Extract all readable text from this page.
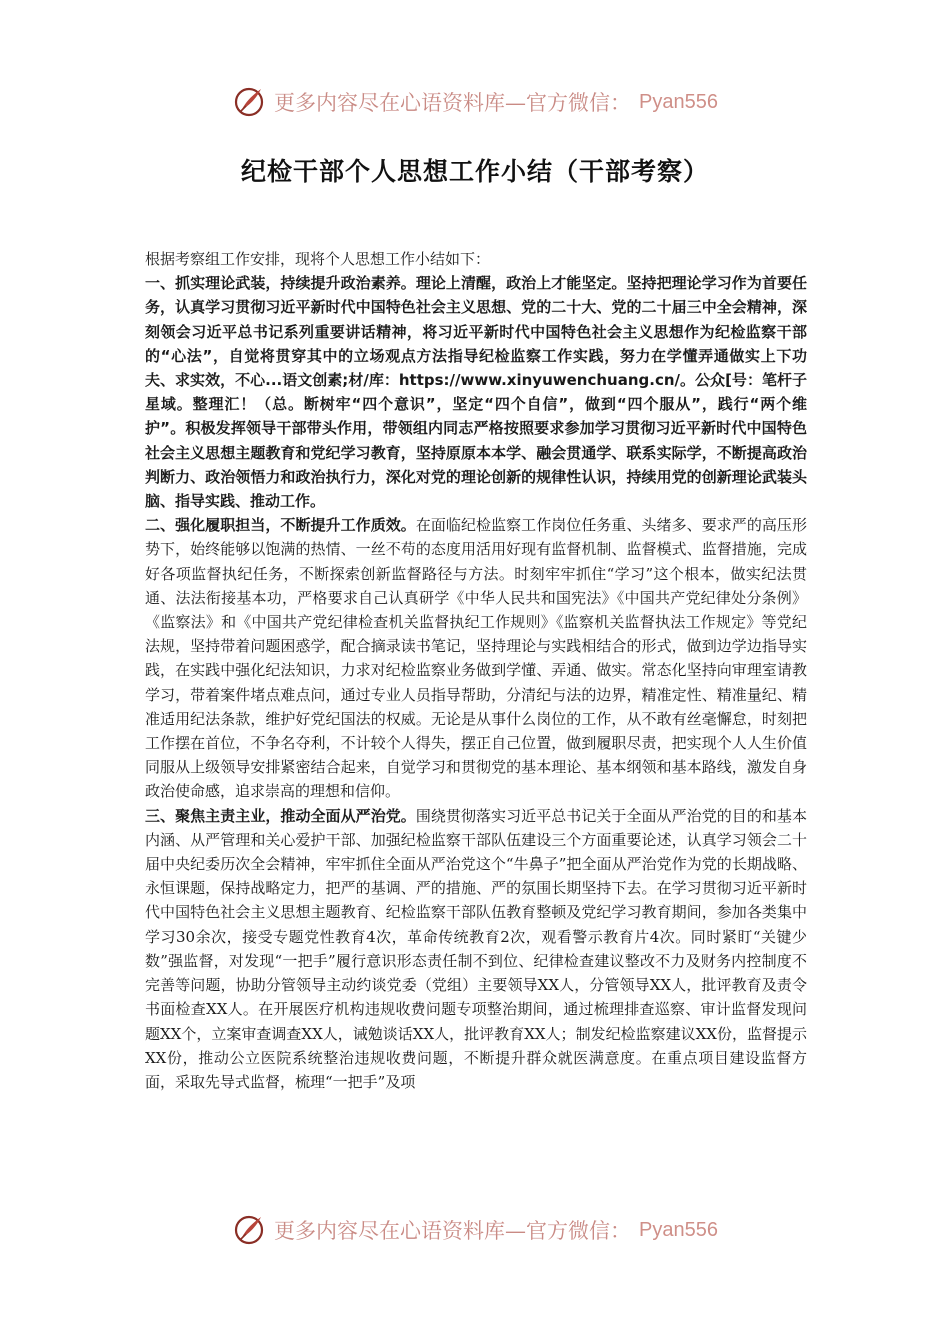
更多内容尽在心语资料库—官方微信： Pyan556
纪检干部个人思想工作小结（干部考察）

根据考察组工作安排，现将个人思想工作小结如下：

一、抓实理论武装，持续提升政治素养。理论上清醒，政治上才能坚定。坚持把理论学习作为首要任务，认真学习贯彻习近平新时代中国特色社会主义思想、党的二十大、党的二十届三中全会精神，深刻领会习近平总书记系列重要讲话精神，将习近平新时代中国特色社会主义思想作为纪检监察干部的“心法”，自觉将贯穿其中的立场观点方法指导纪检监察工作实践，努力在学懂弄通做实上下功夫、求实效，不心...语文创素;材/库：https://www.xinyuwenchuang.cn/。公众[号：笔杆子星域。整理汇！（总。断树牢“四个意识”，坚定“四个自信”，做到“四个服从”，践行“两个维护”。积极发挥领导干部带头作用，带领组内同志严格按照要求参加学习贯彻习近平新时代中国特色社会主义思想主题教育和党纪学习教育，坚持原原本本学、融会贯通学、联系实际学，不断提高政治判断力、政治领悟力和政治执行力，深化对党的理论创新的规律性认识，持续用党的创新理论武装头脑、指导实践、推动工作。

二、强化履职担当，不断提升工作质效。在面临纪检监察工作岗位任务重、头绪多、要求严的高压形势下，始终能够以饱满的热情、一丝不苟的态度用活用好现有监督机制、监督模式、监督措施，完成好各项监督执纪任务，不断探索创新监督路径与方法。时刻牢牢抓住“学习”这个根本，做实纪法贯通、法法衔接基本功，严格要求自己认真研学《中华人民共和国宪法》《中国共产党纪律处分条例》《监察法》和《中国共产党纪律检查机关监督执纪工作规则》《监察机关监督执法工作规定》等党纪法规，坚持带着问题困惑学，配合摘录读书笔记，坚持理论与实践相结合的形式，做到边学边指导实践，在实践中强化纪法知识，力求对纪检监察业务做到学懂、弄通、做实。常态化坚持向审理室请教学习，带着案件堵点难点问，通过专业人员指导帮助，分清纪与法的边界，精准定性、精准量纪、精准适用纪法条款，维护好党纪国法的权威。无论是从事什么岗位的工作，从不敢有丝毫懈怠，时刻把工作摆在首位，不争名夺利，不计较个人得失，摆正自己位置，做到履职尽责，把实现个人人生价值同服从上级领导安排紧密结合起来，自觉学习和贯彻党的基本理论、基本纲领和基本路线，激发自身政治使命感，追求崇高的理想和信仰。

三、聚焦主责主业，推动全面从严治党。围绕贯彻落实习近平总书记关于全面从严治党的目的和基本内涵、从严管理和关心爱护干部、加强纪检监察干部队伍建设三个方面重要论述，认真学习领会二十届中央纪委历次全会精神，牢牢抓住全面从严治党这个“牛鼻子”把全面从严治党作为党的长期战略、永恒课题，保持战略定力，把严的基调、严的措施、严的氛围长期坚持下去。在学习贯彻习近平新时代中国特色社会主义思想主题教育、纪检监察干部队伍教育整顿及党纪学习教育期间，参加各类集中学习30余次，接受专题党性教育4次，革命传统教育2次，观看警示教育片4次。同时紧盯“关键少数”强监督，对发现“一把手”履行意识形态责任制不到位、纪律检查建议整改不力及财务内控制度不完善等问题，协助分管领导主动约谈党委（党组）主要领导XX人，分管领导XX人，批评教育及责令书面检查XX人。在开展医疗机构违规收费问题专项整治期间，通过梳理排查巡察、审计监督发现问题XX个，立案审查调查XX人，诫勉谈话XX人，批评教育XX人；制发纪检监察建议XX份，监督提示XX份，推动公立医院系统整治违规收费问题，不断提升群众就医满意度。在重点项目建设监督方面，采取先导式监督，梳理“一把手”及项

更多内容尽在心语资料库—官方微信： Pyan556
